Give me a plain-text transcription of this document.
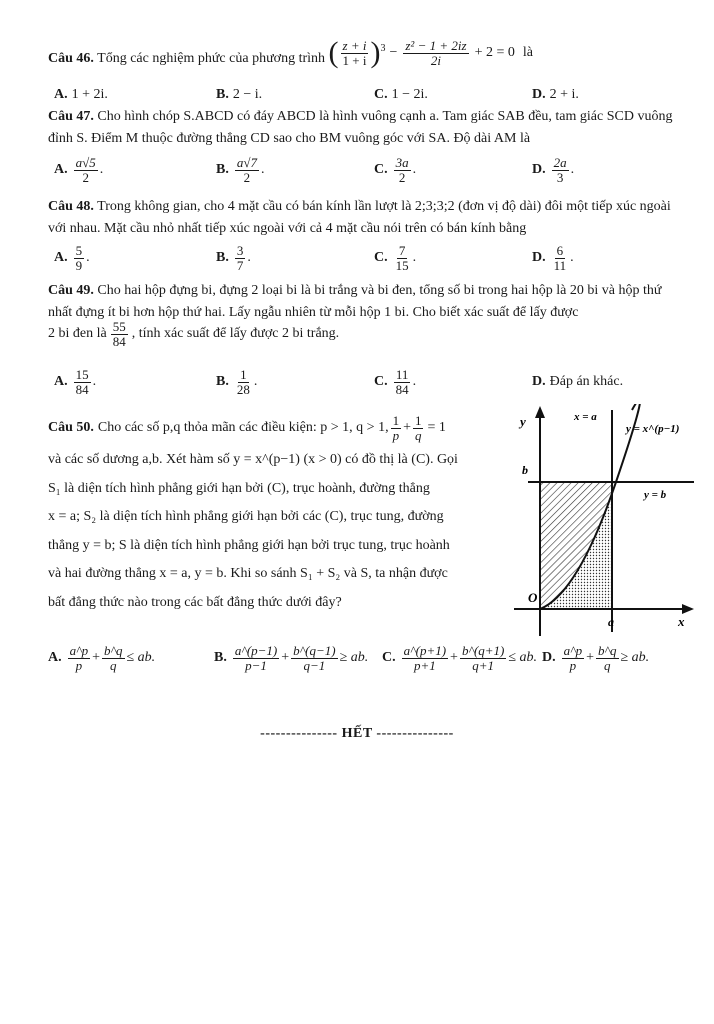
Câu 46. Tổng các nghiệm phức của phương trình ( $\frac{z + i}{1 + i} )^3 - \frac{\text{z² − 1 + 2iz}}{2i} + 2 = 0$ là
A. 1 + 2i.	B. 2 − i.	C. 1 − 2i.	D. 2 + i.
Câu 47. Cho hình chóp S.ABCD có đáy ABCD là hình vuông cạnh a. Tam giác SAB đều, tam giác SCD vuông đỉnh S. Điểm M thuộc đường thẳng CD sao cho BM vuông góc với SA. Độ dài AM là
A. $\frac{a√5}{2}$ .	B. $\frac{a√7}{2}$ .	C. $\frac{3a}{2}$ .	D. $\frac{2a}{3}$ .
Câu 48. Trong không gian, cho 4 mặt cầu có bán kính lần lượt là 2;3;3;2 (đơn vị độ dài) đôi một tiếp xúc ngoài với nhau. Mặt cầu nhỏ nhất tiếp xúc ngoài với cả 4 mặt cầu nói trên có bán kính bằng
A. $\frac{5}{9}$ .	B. $\frac{3}{7}$ .	C. $\frac{7}{15}$ .	D. $\frac{6}{11}$ .
Câu 49. Cho hai hộp đựng bi, đựng 2 loại bi là bi trắng và bi đen, tổng số bi trong hai hộp là 20 bi và hộp thứ nhất đựng ít bi hơn hộp thứ hai. Lấy ngẫu nhiên từ mỗi hộp 1 bi. Cho biết xác suất để lấy được
2 bi đen là $\frac{55}{84}$ , tính xác suất để lấy được 2 bi trắng.
A. $\frac{15}{84}$ .	B. $\frac{1}{28}$ .	C. $\frac{11}{84}$ .	D. Đáp án khác.
Câu 50. Cho các số p,q thỏa mãn các điều kiện: p > 1, q > 1, $\frac{1}{p} + \frac{1}{q} = 1$
và các số dương a,b. Xét hàm số y = x^(p−1) (x > 0) có đồ thị là (C). Gọi
S₁ là diện tích hình phẳng giới hạn bởi (C), trục hoành, đường thẳng
x = a; S₂ là diện tích hình phẳng giới hạn bởi các (C), trục tung, đường
thẳng y = b; S là diện tích hình phẳng giới hạn bởi trục tung, trục hoành
và hai đường thẳng x = a, y = b. Khi so sánh S₁ + S₂ và S, ta nhận được
bất đẳng thức nào trong các bất đẳng thức dưới đây?
y
x
O
a
b
x = a
y = x^(p−1)
y = b
A. $\frac{a\^{}p}{p} + \frac{b\^{}q}{q}$ ≤ ab.	B. $\frac{a\^{}(p-1)}{p-1} + \frac{b\^{}(q-1)}{q-1}$ ≥ ab. C. $\frac{a\^{}(p+1)}{p+1} + \frac{b\^{}(q+1)}{q+1}$ ≤ ab. D. $\frac{a\^{}p}{p} + \frac{b\^{}q}{q}$ ≥ ab.
--------------- HẾT ---------------
